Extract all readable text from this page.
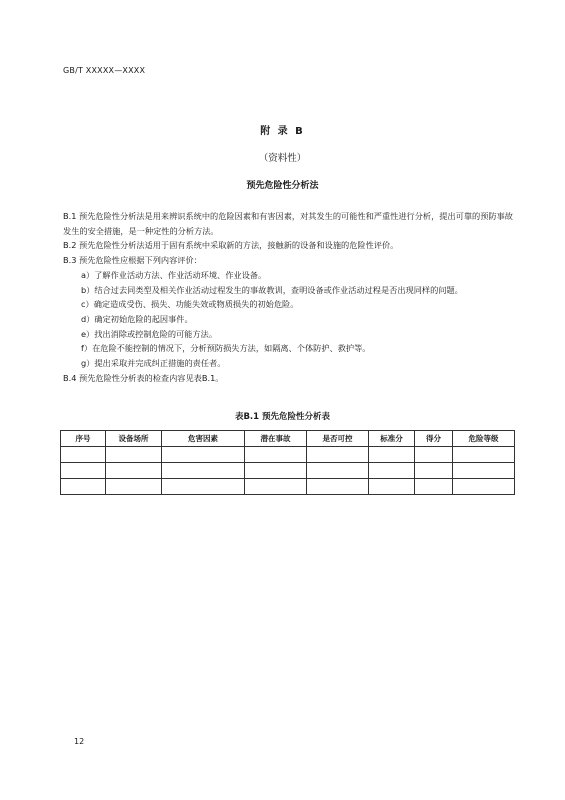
GB/T XXXXX—XXXX
附 录 B
（资料性）
预先危险性分析法

B.1 预先危险性分析法是用来辨识系统中的危险因素和有害因素，对其发生的可能性和严重性进行分析，提出可靠的预防事故发生的安全措施，是一种定性的分析方法。

B.2 预先危险性分析法适用于固有系统中采取新的方法，接触新的设备和设施的危险性评价。

B.3 预先危险性应根据下列内容评价：

a）了解作业活动方法、作业活动环境、作业设备。

b）结合过去同类型及相关作业活动过程发生的事故教训，查明设备或作业活动过程是否出现同样的问题。

c）确定造成受伤、损失、功能失效或物质损失的初始危险。

d）确定初始危险的起因事件。

e）找出消除或控制危险的可能方法。

f）在危险不能控制的情况下，分析预防损失方法，如隔离、个体防护、救护等。

g）提出采取并完成纠正措施的责任者。

B.4 预先危险性分析表的检查内容见表B.1。

表B.1 预先危险性分析表
序号	设备场所	危害因素	潜在事故	是否可控	标准分	得分	危险等级

12
